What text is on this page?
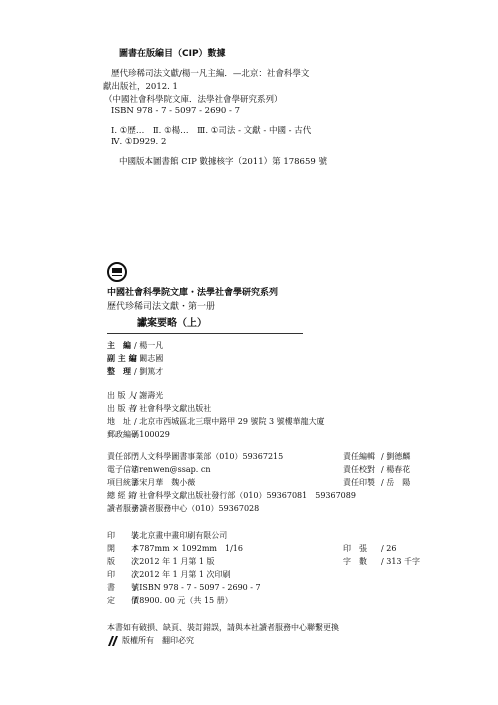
圖書在版編目（CIP）數據
歷代珍稀司法文獻/楊一凡主編．—北京：社會科學文
獻出版社，2012. 1
（中國社會科學院文庫．法學社會學研究系列）
ISBN 978 - 7 - 5097 - 2690 - 7
Ⅰ. ①歷…　Ⅱ. ①楊…　Ⅲ. ①司法 - 文獻 - 中國 - 古代
Ⅳ. ①D929. 2
中國版本圖書館 CIP 數據核字（2011）第 178659 號
中國社會科學院文庫・法學社會學研究系列
歷代珍稀司法文獻・第一册
讞案要略（上）
主　編 / 楊一凡
副 主 編/ 闞志國
整　理 / 劉篤才
出 版 人/ 謝壽光
出 版 者/ 社會科學文獻出版社
地　址 / 北京市西城區北三環中路甲 29 號院 3 號樓華龍大廈
郵政編碼/ 100029
責任部門/ 人文科學圖書事業部（010）59367215
電子信箱/ renwen@ssap. cn
項目統籌/ 宋月華　魏小薇
總 經 銷/ 社會科學文獻出版社發行部（010）59367081　59367089
讀者服務/ 讀者服務中心（010）59367028
責任編輯 / 劉德麟
責任校對 / 楊春花
責任印製 / 岳　陽
印　　裝/ 北京畫中畫印刷有限公司
開　　本/ 787mm × 1092mm　1/16
版　　次/ 2012 年 1 月第 1 版
印　　次/ 2012 年 1 月第 1 次印刷
書　　號/ ISBN 978 - 7 - 5097 - 2690 - 7
定　　價/ 8900. 00 元（共 15 册）
印　張 / 26
字　數 / 313 千字
本書如有破損、缺頁、裝訂錯誤，請與本社讀者服務中心聯繫更換
版權所有　翻印必究
